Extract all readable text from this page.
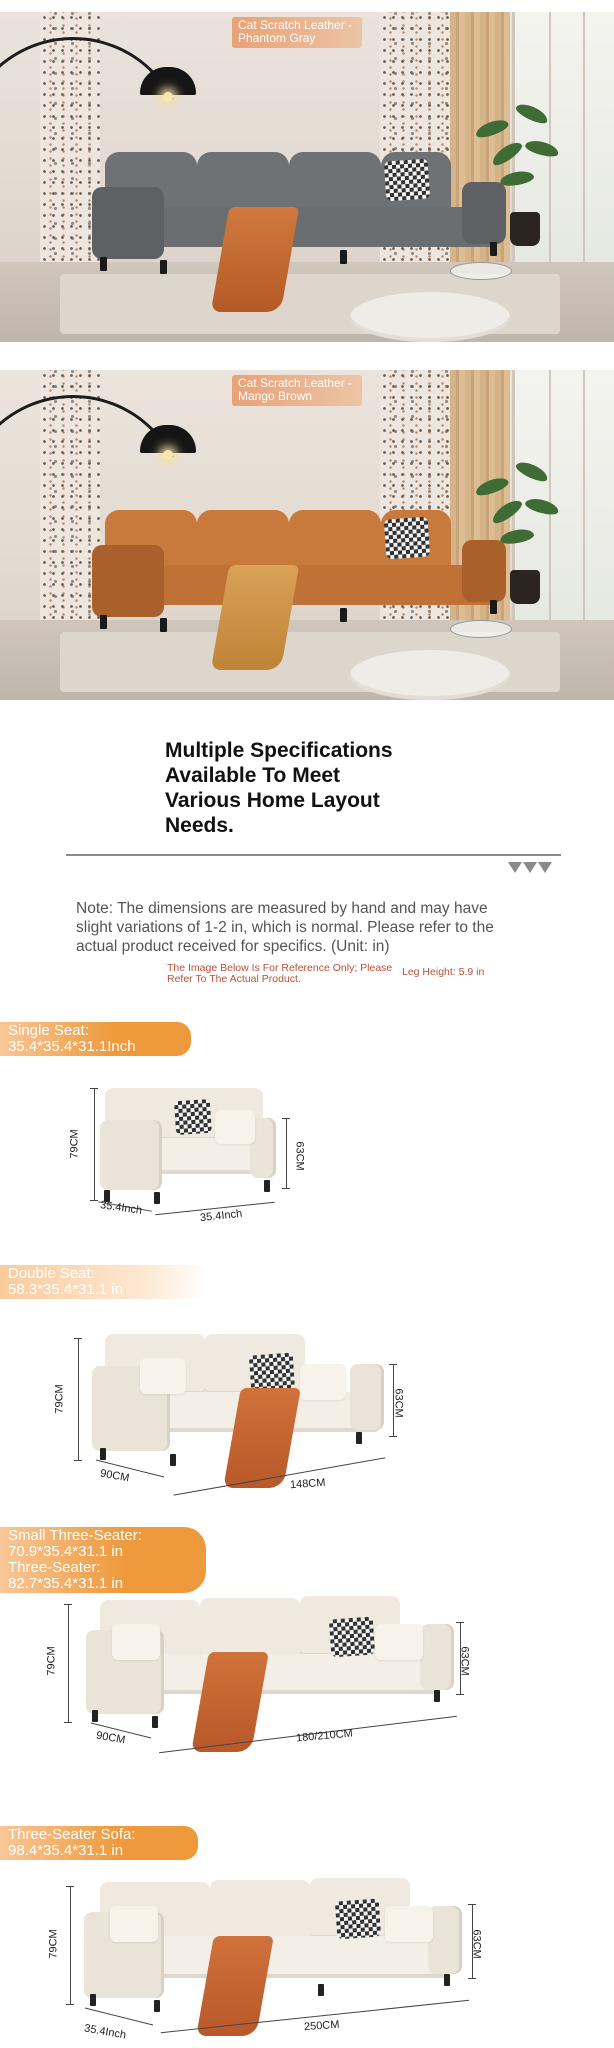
Cat Scratch Leather -
Phantom Gray
Cat Scratch Leather -
Mango Brown
Multiple Specifications
Available To Meet
Various Home Layout
Needs.
Note: The dimensions are measured by hand and may have slight variations of 1-2 in, which is normal. Please refer to the actual product received for specifics. (Unit: in)
The Image Below Is For Reference Only; Please
Refer To The Actual Product.
Leg Height: 5.9 in
Single Seat:
35.4*35.4*31.1Inch
79CM	63CM
35.4Inch	35.4Inch
Double Seat:
58.3*35.4*31.1 in
79CM	63CM
90CM	148CM
Small Three-Seater:
70.9*35.4*31.1 in
Three-Seater:
82.7*35.4*31.1 in
79CM	63CM
90CM	180/210CM
Three-Seater Sofa:
98.4*35.4*31.1 in
79CM	63CM
35.4Inch	250CM
